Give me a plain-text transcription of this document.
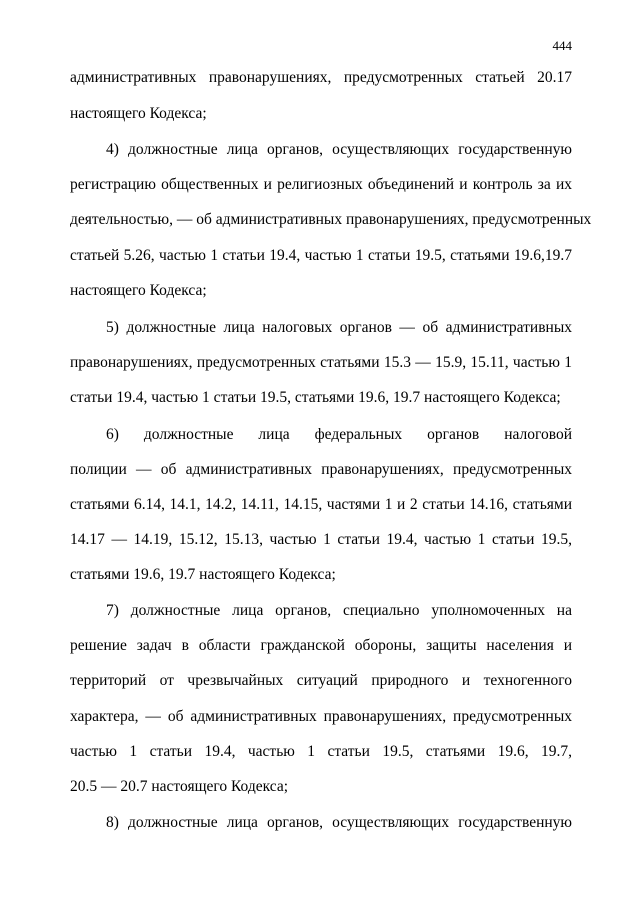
444
административных правонарушениях, предусмотренных статьей 20.17
настоящего Кодекса;
4) должностные лица органов, осуществляющих государственную
регистрацию общественных и религиозных объединений и контроль за их
деятельностью, — об административных правонарушениях, предусмотренных
статьей 5.26, частью 1 статьи 19.4, частью 1 статьи 19.5, статьями 19.6,19.7
настоящего Кодекса;
5) должностные лица налоговых органов — об административных
правонарушениях, предусмотренных статьями 15.3 — 15.9, 15.11, частью 1
статьи 19.4, частью 1 статьи 19.5, статьями 19.6, 19.7 настоящего Кодекса;
6) должностные лица федеральных органов налоговой
полиции — об административных правонарушениях, предусмотренных
статьями 6.14, 14.1, 14.2, 14.11, 14.15, частями 1 и 2 статьи 14.16, статьями
14.17 — 14.19, 15.12, 15.13, частью 1 статьи 19.4, частью 1 статьи 19.5,
статьями 19.6, 19.7 настоящего Кодекса;
7) должностные лица органов, специально уполномоченных на
решение задач в области гражданской обороны, защиты населения и
территорий от чрезвычайных ситуаций природного и техногенного
характера, — об административных правонарушениях, предусмотренных
частью 1 статьи 19.4, частью 1 статьи 19.5, статьями 19.6, 19.7,
20.5 — 20.7 настоящего Кодекса;
8) должностные лица органов, осуществляющих государственную
